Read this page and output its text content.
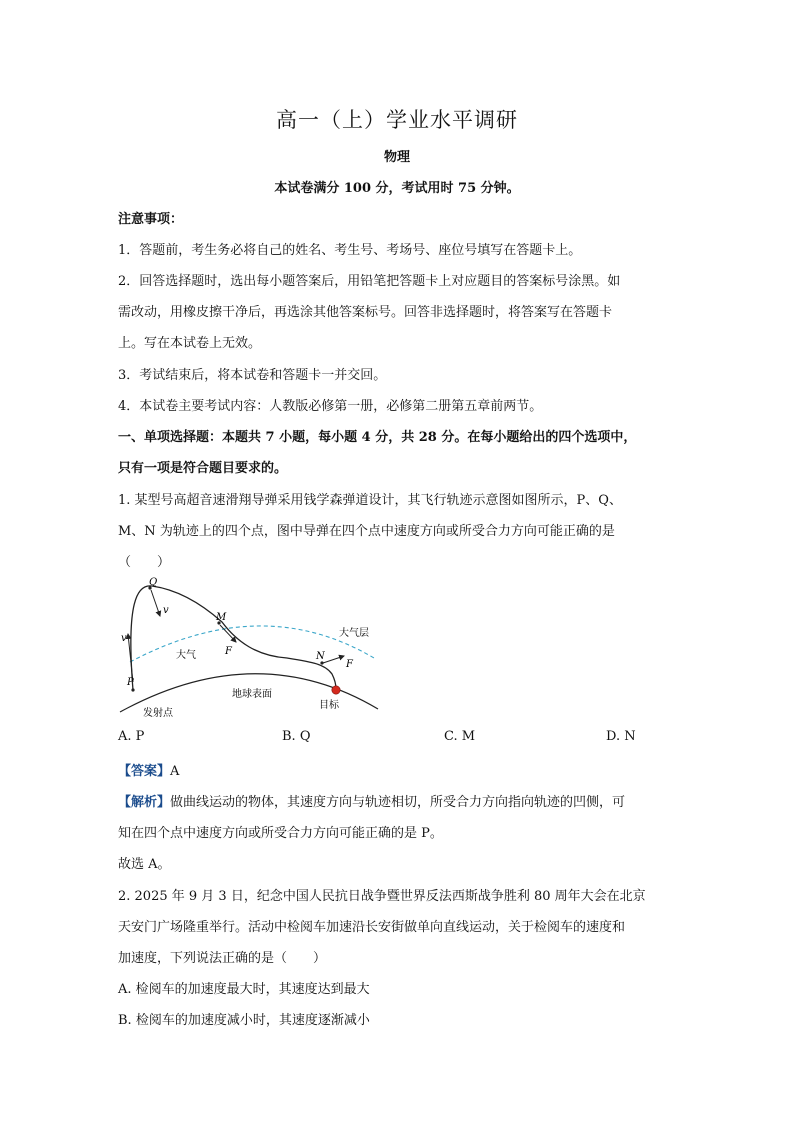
高一（上）学业水平调研
物理
本试卷满分 100 分，考试用时 75 分钟。
注意事项：
1．答题前，考生务必将自己的姓名、考生号、考场号、座位号填写在答题卡上。
2．回答选择题时，选出每小题答案后，用铅笔把答题卡上对应题目的答案标号涂黑。如
需改动，用橡皮擦干净后，再选涂其他答案标号。回答非选择题时，将答案写在答题卡
上。写在本试卷上无效。
3．考试结束后，将本试卷和答题卡一并交回。
4．本试卷主要考试内容：人教版必修第一册，必修第二册第五章前两节。
一、单项选择题：本题共 7 小题，每小题 4 分，共 28 分。在每小题给出的四个选项中，
只有一项是符合题目要求的。
1. 某型号高超音速滑翔导弹采用钱学森弹道设计，其飞行轨迹示意图如图所示，P、Q、
M、N 为轨迹上的四个点，图中导弹在四个点中速度方向或所受合力方向可能正确的是
（　　）
Q
v
M
F
v
P
N
F
大气层
大气
地球表面
发射点
目标
A. P	B. Q	C. M	D. N
【答案】A
【解析】做曲线运动的物体，其速度方向与轨迹相切，所受合力方向指向轨迹的凹侧，可
知在四个点中速度方向或所受合力方向可能正确的是 P。
故选 A。
2. 2025 年 9 月 3 日，纪念中国人民抗日战争暨世界反法西斯战争胜利 80 周年大会在北京
天安门广场隆重举行。活动中检阅车加速沿长安街做单向直线运动，关于检阅车的速度和
加速度，下列说法正确的是（　　）
A. 检阅车的加速度最大时，其速度达到最大
B. 检阅车的加速度减小时，其速度逐渐减小
